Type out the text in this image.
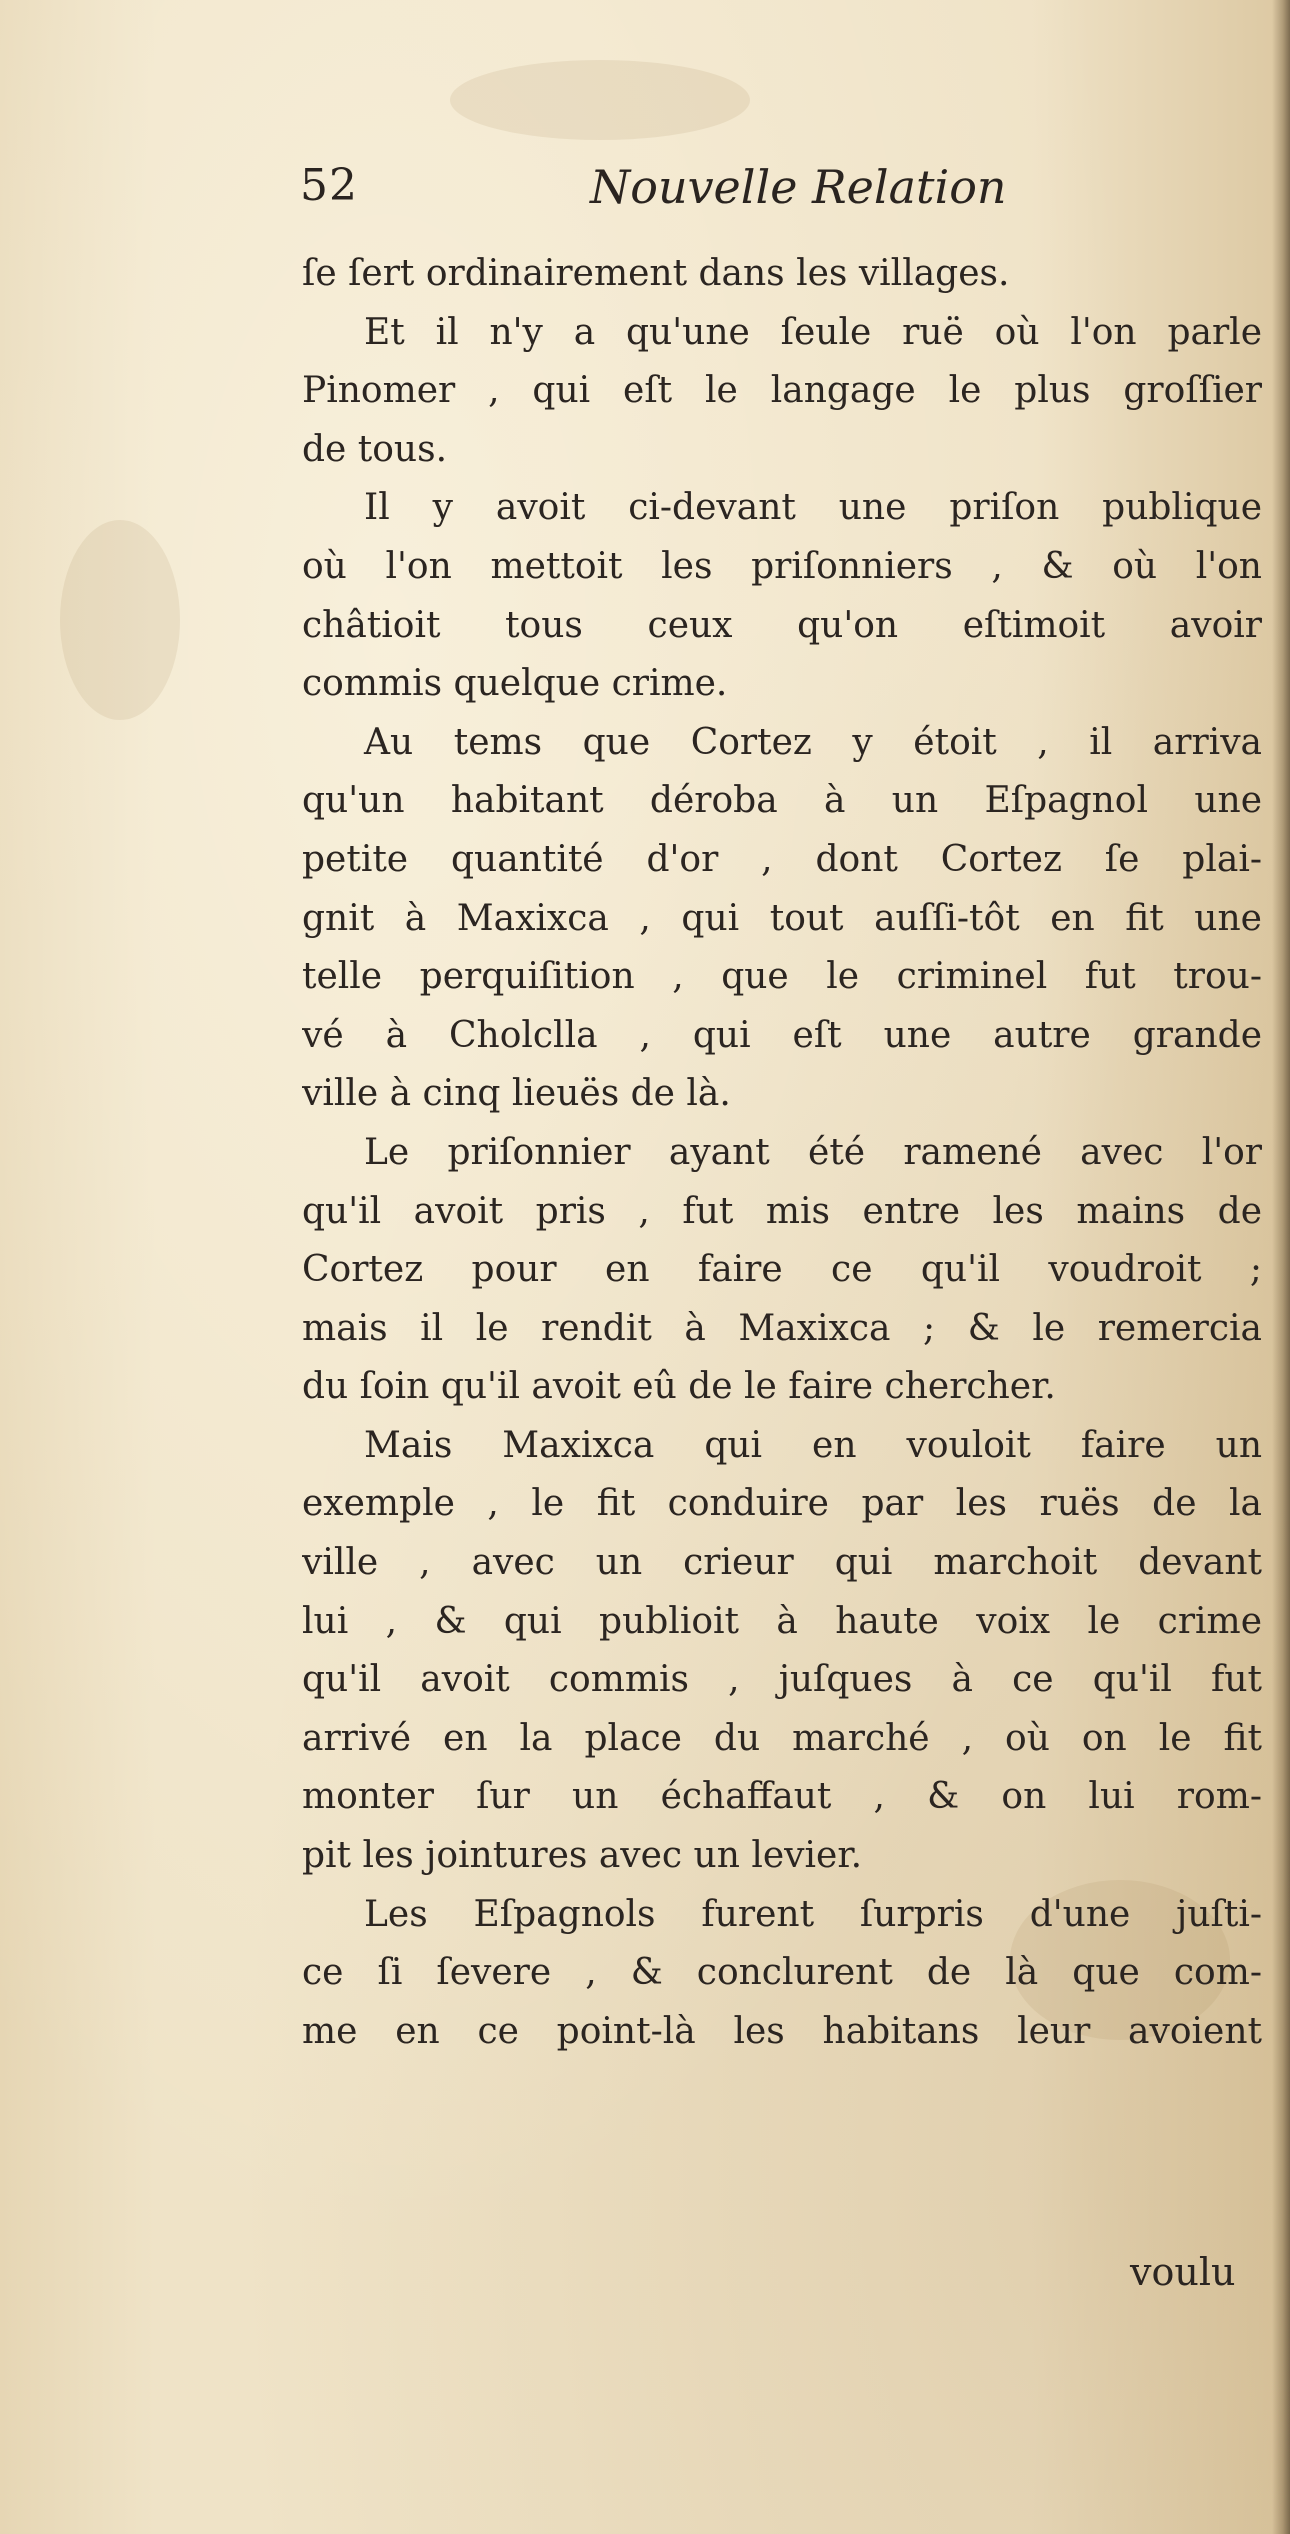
52	Nouvelle Relation
ſe ſert ordinairement dans les villages.
Et il n'y a qu'une ſeule ruë où l'on parle
Pinomer , qui eſt le langage le plus groſſier
de tous.
Il y avoit ci-devant une priſon publique
où l'on mettoit les priſonniers , & où l'on
châtioit tous ceux qu'on eſtimoit avoir
commis quelque crime.
Au tems que Cortez y étoit , il arriva
qu'un habitant déroba à un Eſpagnol une
petite quantité d'or , dont Cortez ſe plai-
gnit à Maxixca , qui tout auſſi-tôt en fit une
telle perquiſition , que le criminel fut trou-
vé à Cholclla , qui eſt une autre grande
ville à cinq lieuës de là.
Le priſonnier ayant été ramené avec l'or
qu'il avoit pris , fut mis entre les mains de
Cortez pour en faire ce qu'il voudroit ;
mais il le rendit à Maxixca ; & le remercia
du ſoin qu'il avoit eû de le faire chercher.
Mais Maxixca qui en vouloit faire un
exemple , le fit conduire par les ruës de la
ville , avec un crieur qui marchoit devant
lui , & qui publioit à haute voix le crime
qu'il avoit commis , juſques à ce qu'il fut
arrivé en la place du marché , où on le fit
monter ſur un échaffaut , & on lui rom-
pit les jointures avec un levier.
Les Eſpagnols furent ſurpris d'une juſti-
ce ſi ſevere , & conclurent de là que com-
me en ce point-là les habitans leur avoient
voulu
